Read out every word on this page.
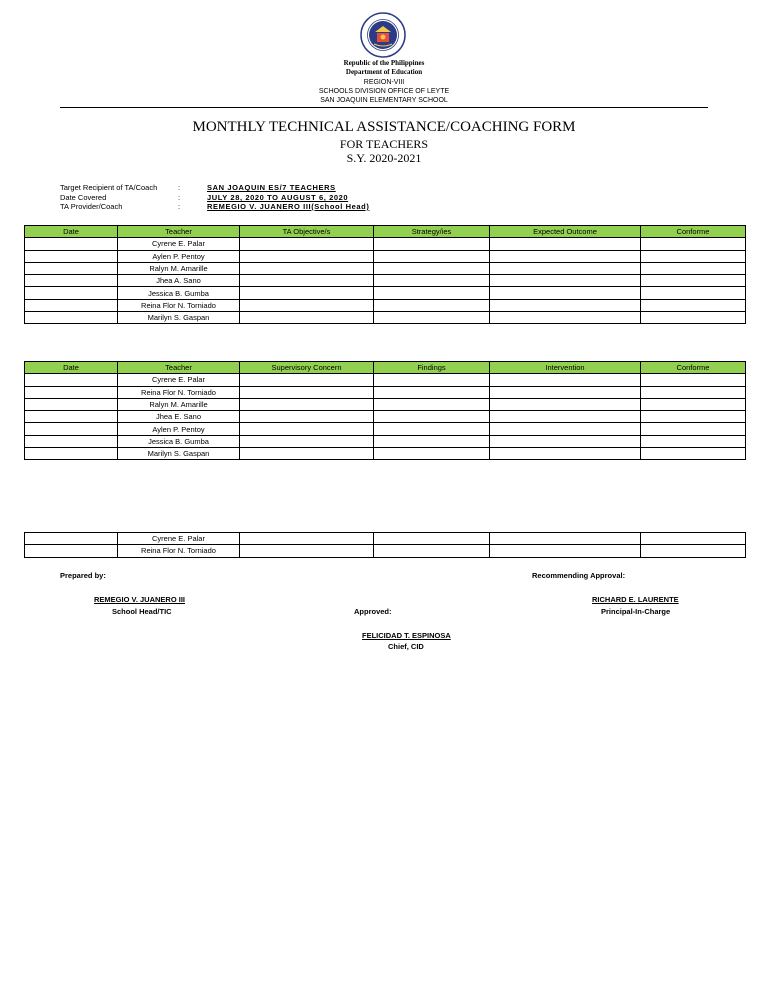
Republic of the Philippines
Department of Education
REGION-VIII
SCHOOLS DIVISION OFFICE OF LEYTE
SAN JOAQUIN ELEMENTARY SCHOOL
MONTHLY TECHNICAL ASSISTANCE/COACHING FORM
FOR TEACHERS
S.Y. 2020-2021
Target Recipient of TA/Coach	:	SAN JOAQUIN ES/7 TEACHERS
Date Covered	:	JULY 28, 2020 TO AUGUST 6, 2020
TA Provider/Coach	:	REMEGIO V. JUANERO III(School Head)
Date	Teacher	TA Objective/s	Strategy/ies	Expected Outcome	Conforme
	Cyrene E. Palar				
	Aylen P. Pentoy				
	Ralyn M. Amarille				
	Jhea A. Sano				
	Jessica B. Gumba				
	Reina Flor N. Torniado				
	Marilyn S. Gaspan				
Date	Teacher	Supervisory Concern	Findings	Intervention	Conforme
	Cyrene E. Palar				
	Reina Flor N. Torniado				
	Ralyn M. Amarille				
	Jhea E. Sano				
	Aylen P. Pentoy				
	Jessica B. Gumba				
	Marilyn S. Gaspan				
	Cyrene E. Palar				
	Reina Flor N. Torniado				
Prepared by:	Recommending Approval:
REMEGIO V. JUANERO III
School Head/TIC	Approved:
RICHARD E. LAURENTE
Principal-In-Charge
FELICIDAD T. ESPINOSA
Chief, CID
